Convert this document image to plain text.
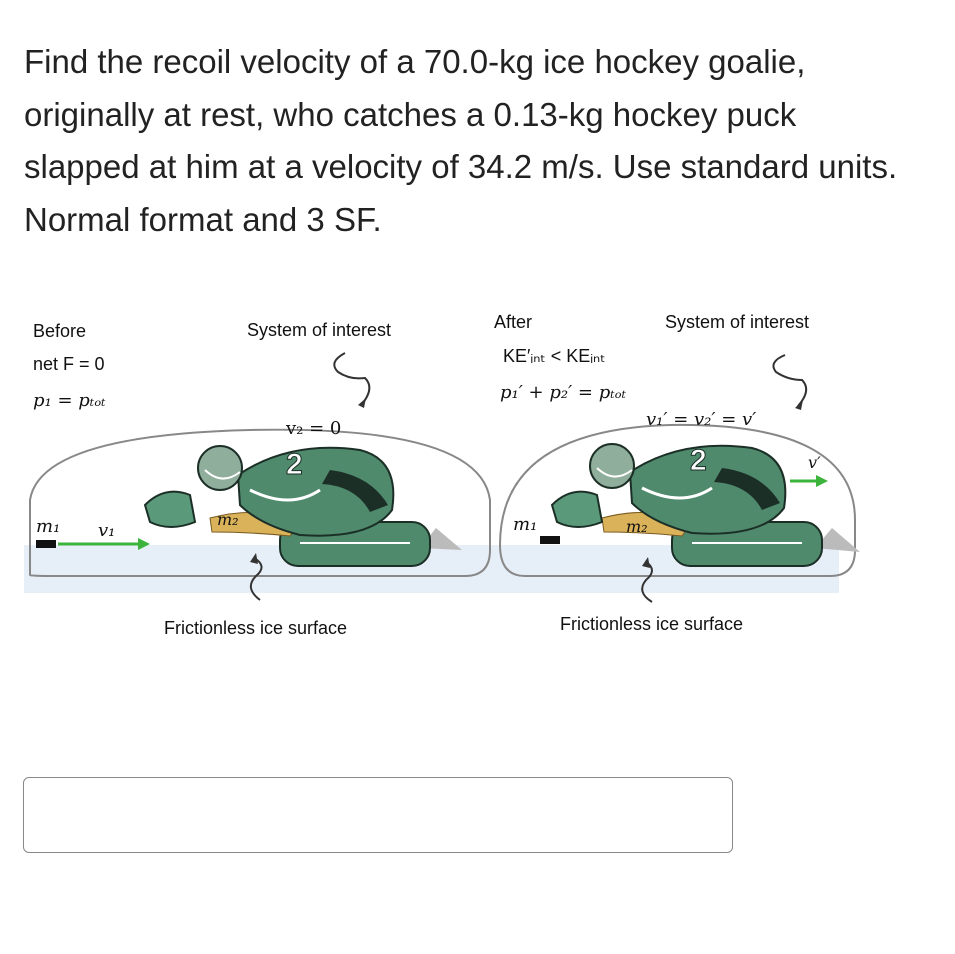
Find the recoil velocity of a 70.0-kg ice hockey goalie, originally at rest, who catches a 0.13-kg hockey puck slapped at him at a velocity of 34.2 m/s. Use standard units. Normal format and 3 SF.

2	2
Before
net F = 0
p₁ = pₜₒₜ
System of interest
v₂ = 0
m₁ v₁
m₂
Frictionless ice surface
After
KE′ᵢₙₜ < KEᵢₙₜ
p₁′ + p₂′ = pₜₒₜ
System of interest
v₁′ = v₂′ = v′
v′
m₁	m₂
Frictionless ice surface
